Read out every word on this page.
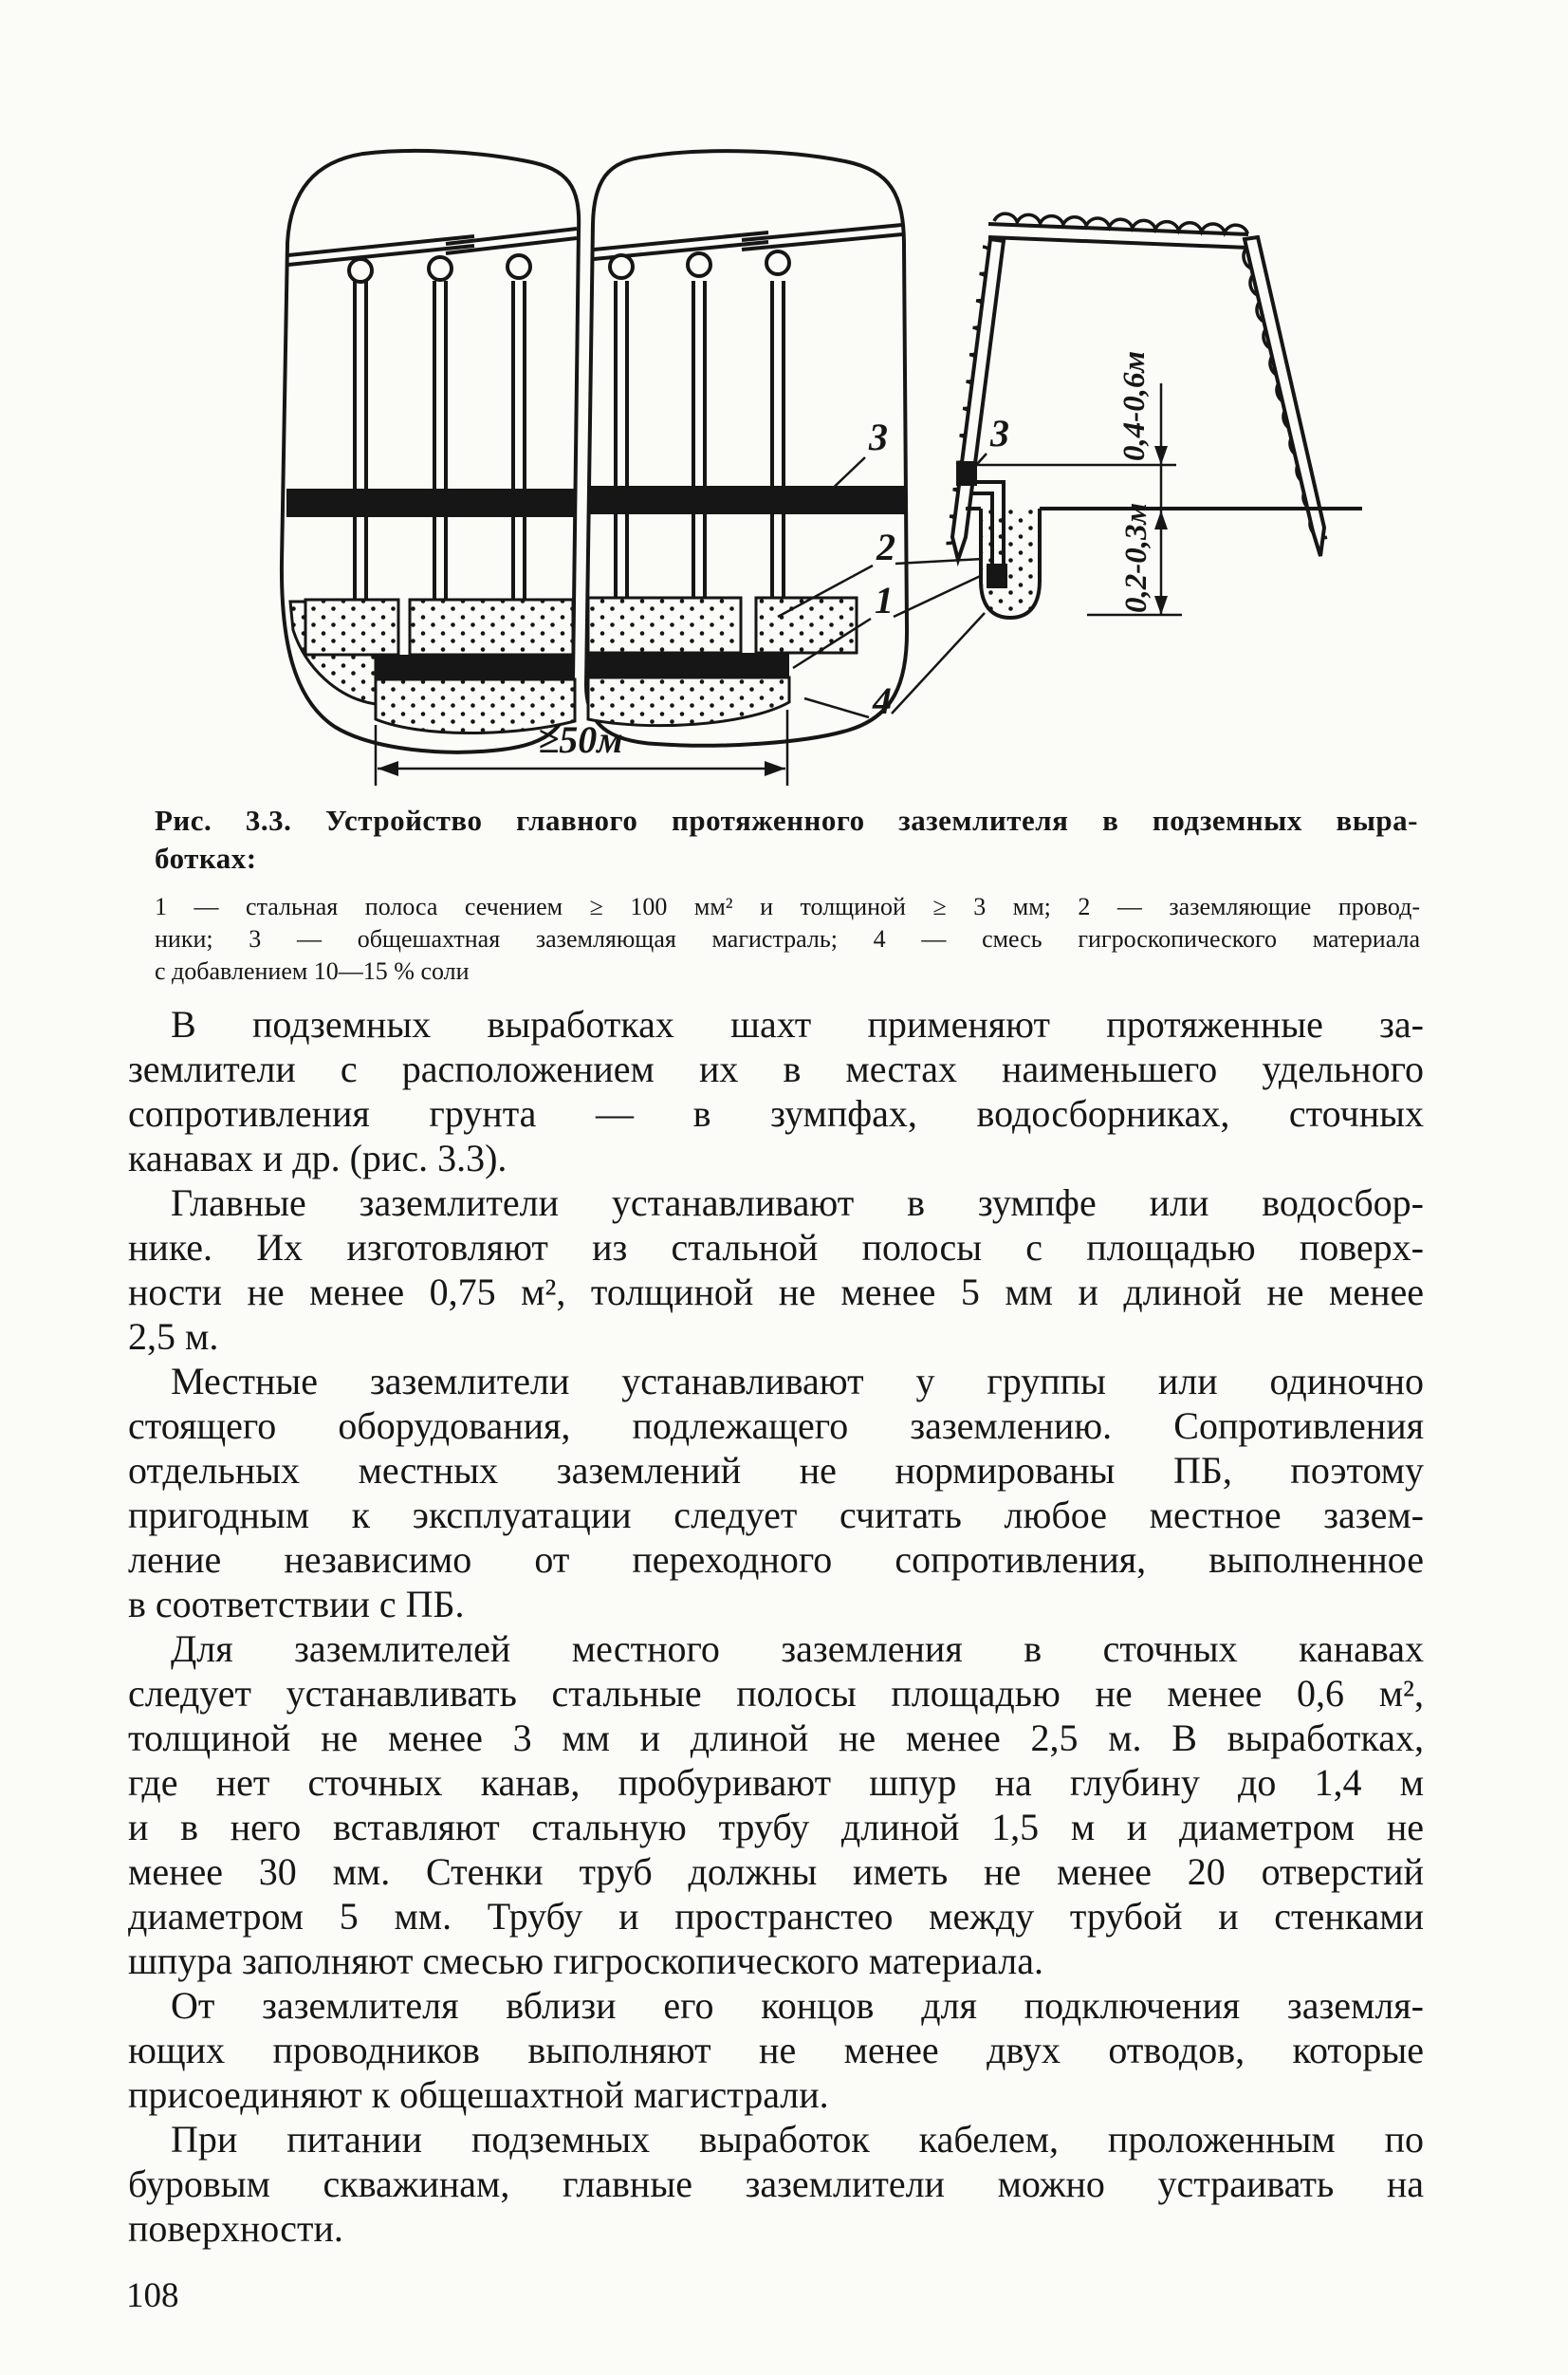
≥50м
3	3
2
1
4
0,4-0,6м
0,2-0,3м
Рис. 3.3. Устройство главного протяженного заземлителя в подземных выра-
ботках:
1 — стальная полоса сечением ≥ 100 мм² и толщиной ≥ 3 мм; 2 — заземляющие провод-
ники; 3 — общешахтная заземляющая магистраль; 4 — смесь гигроскопического материала
с добавлением 10—15 % соли

В подземных выработках шахт применяют протяженные за-
землители с расположением их в местах наименьшего удельного
сопротивления грунта — в зумпфах, водосборниках, сточных
канавах и др. (рис. 3.3).

Главные заземлители устанавливают в зумпфе или водосбор-
нике. Их изготовляют из стальной полосы с площадью поверх-
ности не менее 0,75 м², толщиной не менее 5 мм и длиной не менее
2,5 м.

Местные заземлители устанавливают у группы или одиночно
стоящего оборудования, подлежащего заземлению. Сопротивления
отдельных местных заземлений не нормированы ПБ, поэтому
пригодным к эксплуатации следует считать любое местное зазем-
ление независимо от переходного сопротивления, выполненное
в соответствии с ПБ.

Для заземлителей местного заземления в сточных канавах
следует устанавливать стальные полосы площадью не менее 0,6 м²,
толщиной не менее 3 мм и длиной не менее 2,5 м. В выработках,
где нет сточных канав, пробуривают шпур на глубину до 1,4 м
и в него вставляют стальную трубу длиной 1,5 м и диаметром не
менее 30 мм. Стенки труб должны иметь не менее 20 отверстий
диаметром 5 мм. Трубу и пространстео между трубой и стенками
шпура заполняют смесью гигроскопического материала.

От заземлителя вблизи его концов для подключения заземля-
ющих проводников выполняют не менее двух отводов, которые
присоединяют к общешахтной магистрали.

При питании подземных выработок кабелем, проложенным по
буровым скважинам, главные заземлители можно устраивать на
поверхности.

108
